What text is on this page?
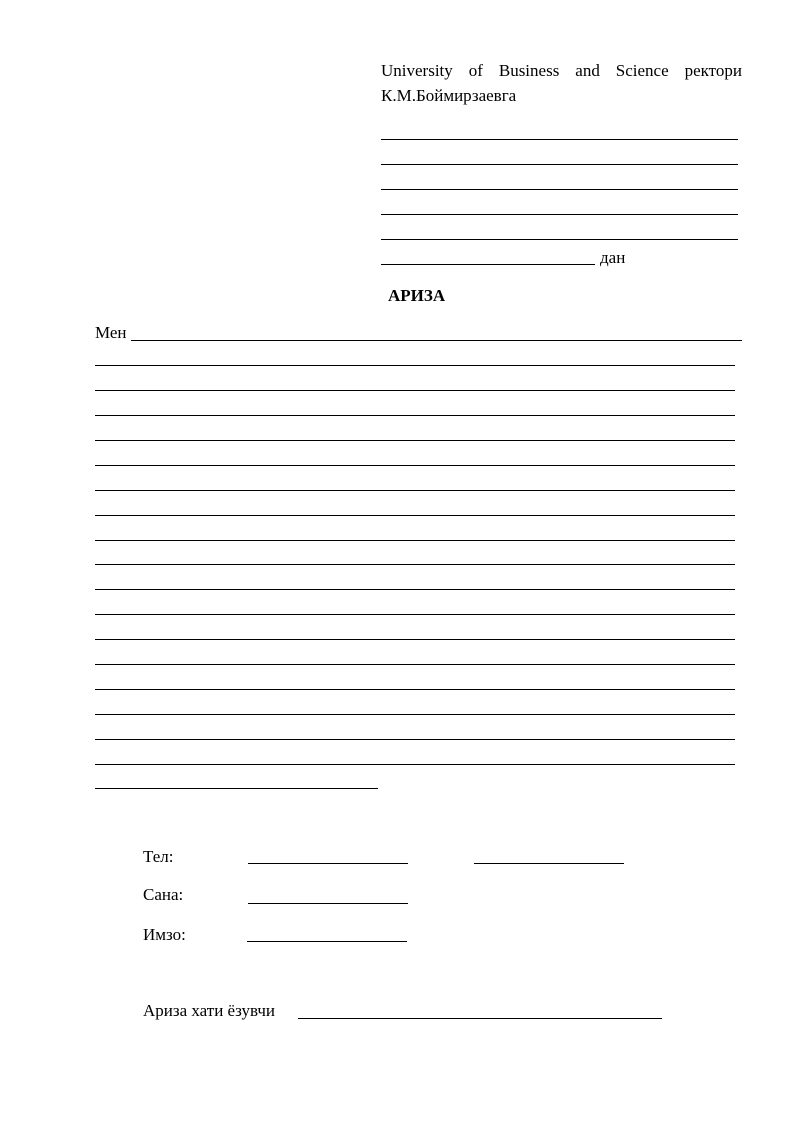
University of Business and Science ректори
К.М.Боймирзаевга
дан
АРИЗА
Мен
Тел:
Сана:
Имзо:
Ариза хати ёзувчи
